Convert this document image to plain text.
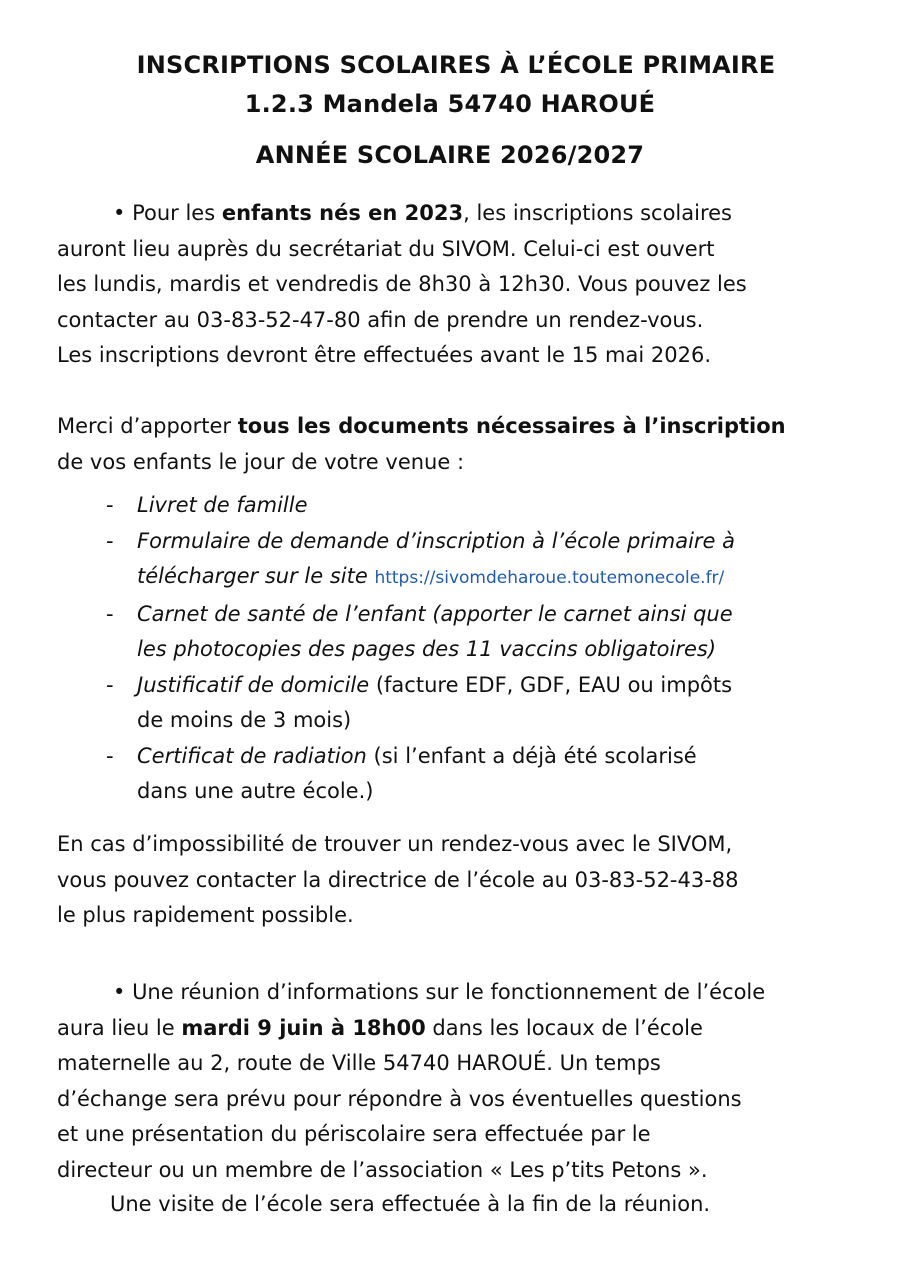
INSCRIPTIONS SCOLAIRES À L’ÉCOLE PRIMAIRE
1.2.3 Mandela 54740 HAROUÉ
ANNÉE SCOLAIRE 2026/2027
• Pour les enfants nés en 2023, les inscriptions scolaires
auront lieu auprès du secrétariat du SIVOM. Celui-ci est ouvert
les lundis, mardis et vendredis de 8h30 à 12h30. Vous pouvez les
contacter au 03-83-52-47-80 afin de prendre un rendez-vous.
Les inscriptions devront être effectuées avant le 15 mai 2026.
Merci d’apporter tous les documents nécessaires à l’inscription
de vos enfants le jour de votre venue :
- Livret de famille
- Formulaire de demande d’inscription à l’école primaire à
télécharger sur le site https://sivomdeharoue.toutemonecole.fr/
- Carnet de santé de l’enfant (apporter le carnet ainsi que
les photocopies des pages des 11 vaccins obligatoires)
- Justificatif de domicile (facture EDF, GDF, EAU ou impôts
de moins de 3 mois)
- Certificat de radiation (si l’enfant a déjà été scolarisé
dans une autre école.)
En cas d’impossibilité de trouver un rendez-vous avec le SIVOM,
vous pouvez contacter la directrice de l’école au 03-83-52-43-88
le plus rapidement possible.
• Une réunion d’informations sur le fonctionnement de l’école
aura lieu le mardi 9 juin à 18h00 dans les locaux de l’école
maternelle au 2, route de Ville 54740 HAROUÉ. Un temps
d’échange sera prévu pour répondre à vos éventuelles questions
et une présentation du périscolaire sera effectuée par le
directeur ou un membre de l’association « Les p’tits Petons ».
Une visite de l’école sera effectuée à la fin de la réunion.
